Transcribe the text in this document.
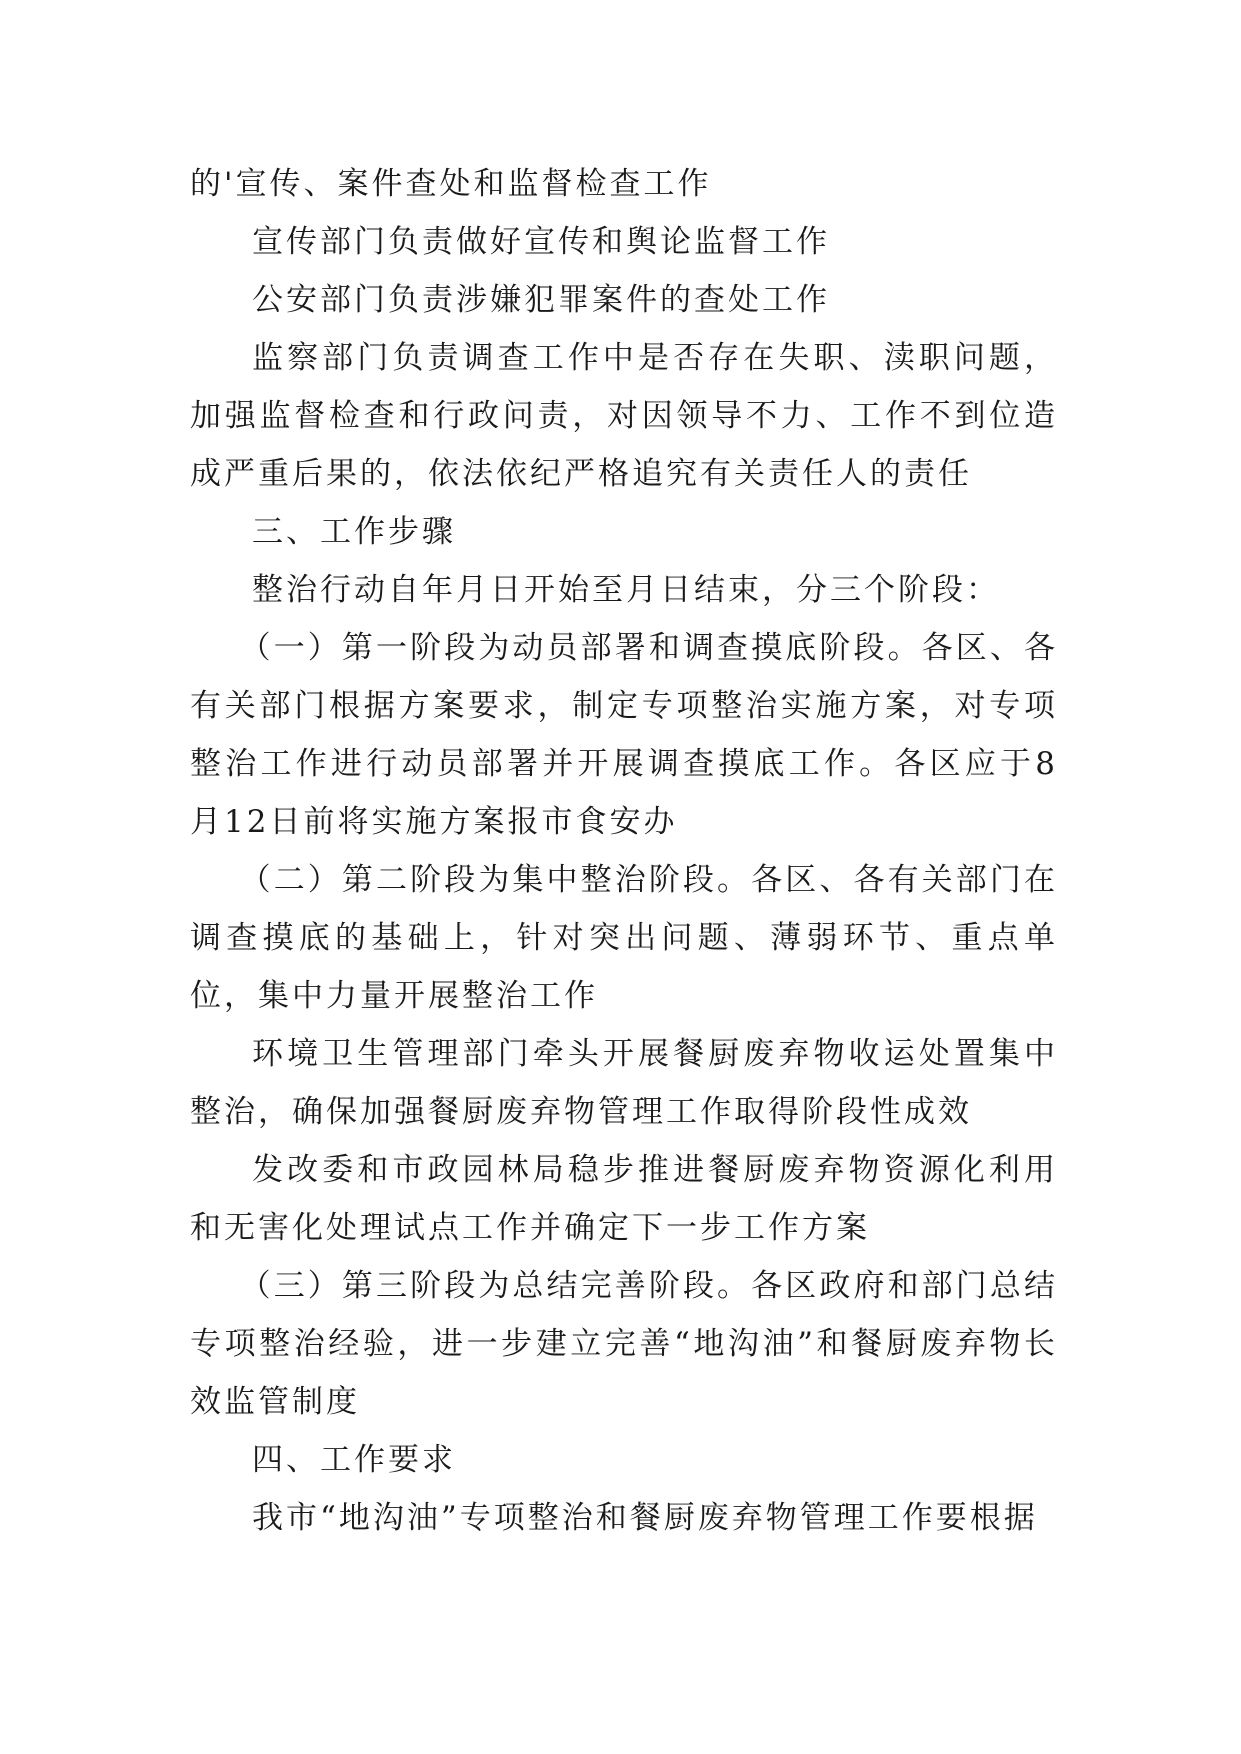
的'宣传、案件查处和监督检查工作

宣传部门负责做好宣传和舆论监督工作

公安部门负责涉嫌犯罪案件的查处工作

监察部门负责调查工作中是否存在失职、渎职问题，加强监督检查和行政问责，对因领导不力、工作不到位造成严重后果的，依法依纪严格追究有关责任人的责任

三、工作步骤

整治行动自年月日开始至月日结束，分三个阶段：

（一）第一阶段为动员部署和调查摸底阶段。各区、各有关部门根据方案要求，制定专项整治实施方案，对专项整治工作进行动员部署并开展调查摸底工作。各区应于8月12日前将实施方案报市食安办

（二）第二阶段为集中整治阶段。各区、各有关部门在调查摸底的基础上，针对突出问题、薄弱环节、重点单位，集中力量开展整治工作

环境卫生管理部门牵头开展餐厨废弃物收运处置集中整治，确保加强餐厨废弃物管理工作取得阶段性成效

发改委和市政园林局稳步推进餐厨废弃物资源化利用和无害化处理试点工作并确定下一步工作方案

（三）第三阶段为总结完善阶段。各区政府和部门总结专项整治经验，进一步建立完善“地沟油”和餐厨废弃物长效监管制度

四、工作要求

我市“地沟油”专项整治和餐厨废弃物管理工作要根据
